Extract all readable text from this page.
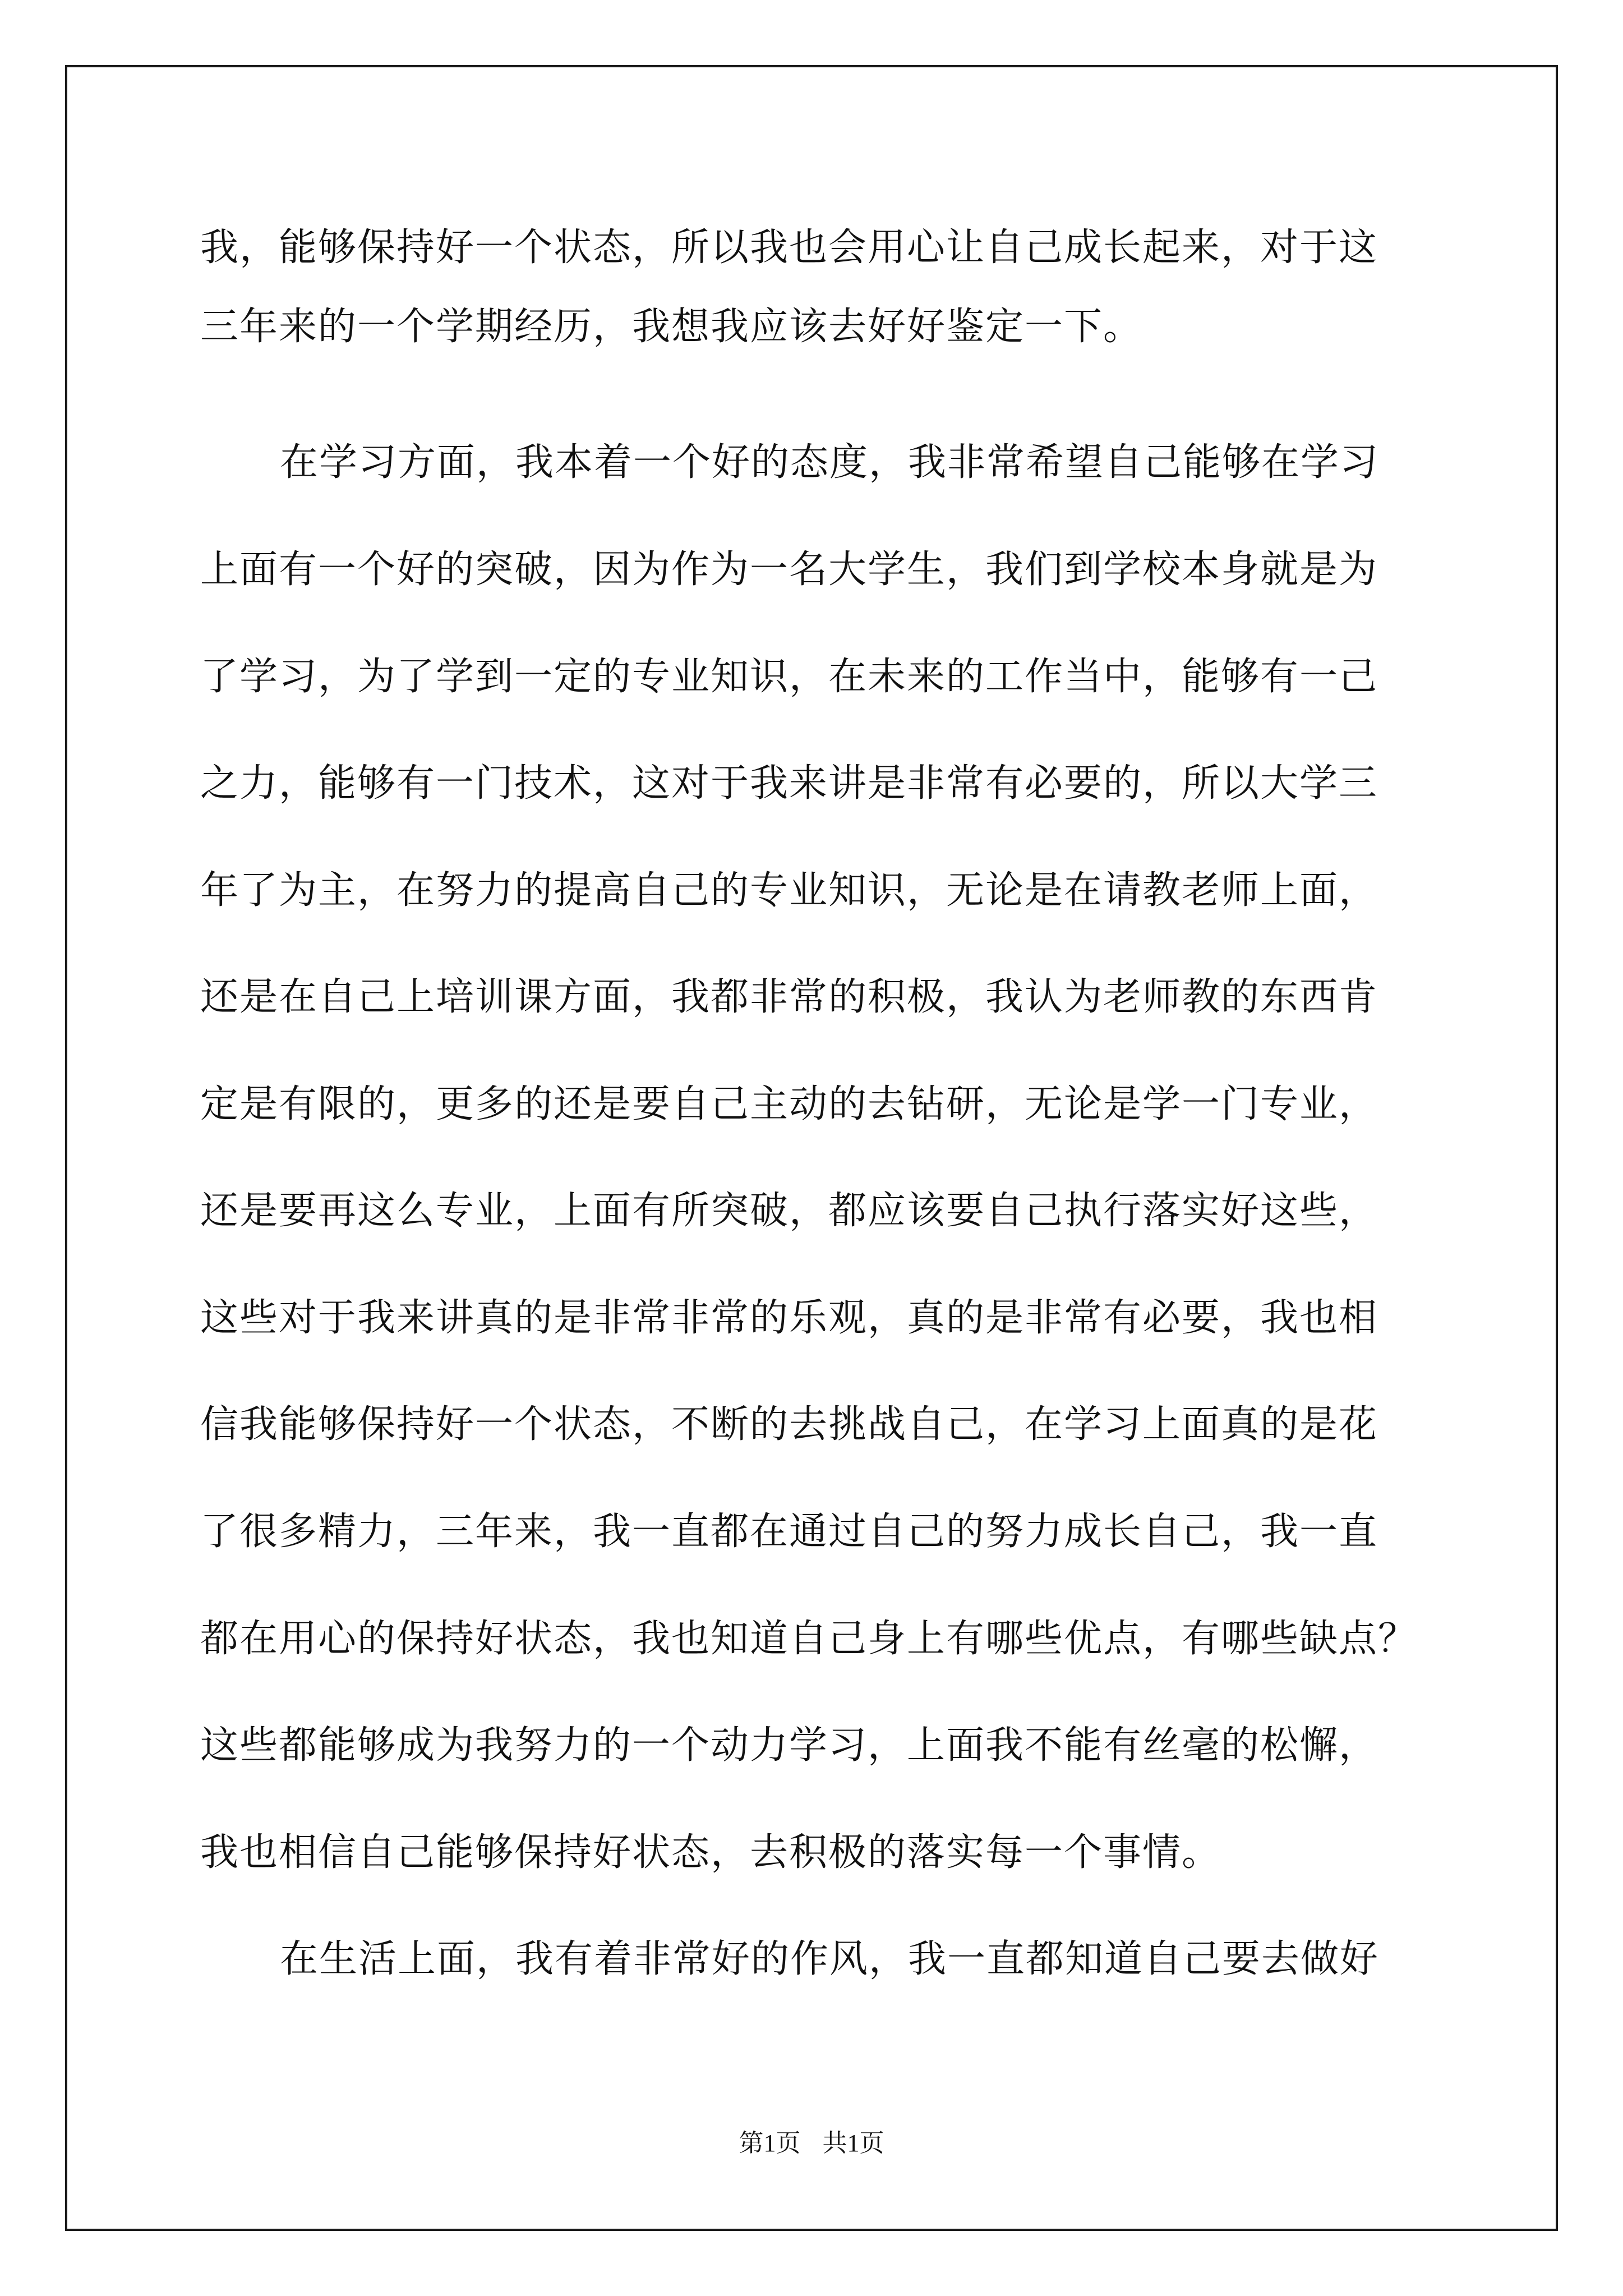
我，能够保持好一个状态，所以我也会用心让自己成长起来，对于这

三年来的一个学期经历，我想我应该去好好鉴定一下。

在学习方面，我本着一个好的态度，我非常希望自己能够在学习

上面有一个好的突破，因为作为一名大学生，我们到学校本身就是为

了学习，为了学到一定的专业知识，在未来的工作当中，能够有一己

之力，能够有一门技术，这对于我来讲是非常有必要的，所以大学三

年了为主，在努力的提高自己的专业知识，无论是在请教老师上面，

还是在自己上培训课方面，我都非常的积极，我认为老师教的东西肯

定是有限的，更多的还是要自己主动的去钻研，无论是学一门专业，

还是要再这么专业，上面有所突破，都应该要自己执行落实好这些，

这些对于我来讲真的是非常非常的乐观，真的是非常有必要，我也相

信我能够保持好一个状态，不断的去挑战自己，在学习上面真的是花

了很多精力，三年来，我一直都在通过自己的努力成长自己，我一直

都在用心的保持好状态，我也知道自己身上有哪些优点，有哪些缺点？

这些都能够成为我努力的一个动力学习，上面我不能有丝毫的松懈，

我也相信自己能够保持好状态，去积极的落实每一个事情。

在生活上面，我有着非常好的作风，我一直都知道自己要去做好

第1页 共1页
